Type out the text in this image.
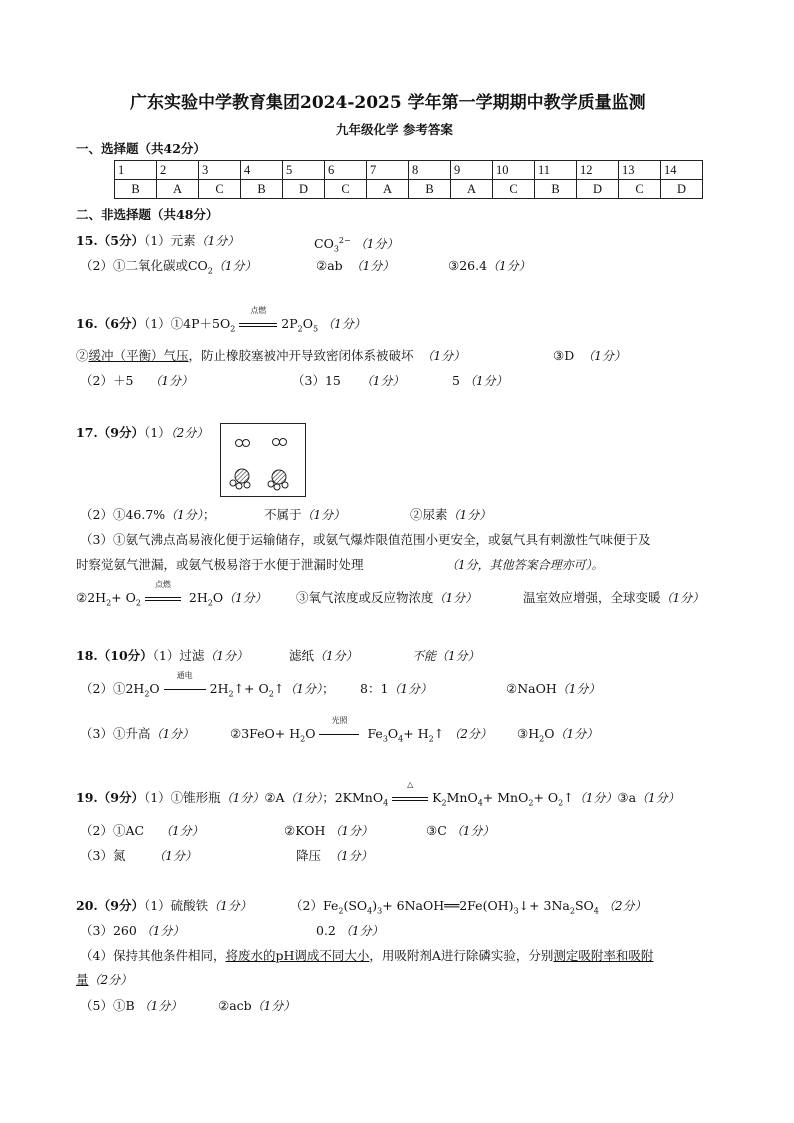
广东实验中学教育集团2024-2025 学年第一学期期中教学质量监测
九年级化学 参考答案
一、选择题（共42分）
1	2	3	4	5	6	7	8	9	10	11	12	13	14
B	A	C	B	D	C	A	B	A	C	B	D	C	D
二、非选择题（共48分）
15.（5分）（1）元素（1分）	$CO_3^{2-}$ （1分）
（2）①二氧化碳或$CO_2(1$分）	②ab （1分）	③26.4（1分）
16.（6分）$(1)①4P+5O_2$
点燃
$2P_2O_5$ （1分）
②缓冲（平衡）气压，防止橡胶塞被冲开导致密闭体系被破坏 （1分）	③D （1分）
（2）＋5 （1分）	（3）15 （1分）	5 （1分）
17.（9分）（1）（2分）
（2）①46.7%（1分）；	不属于（1分）	②尿素（1分）
（3）①氨气沸点高易液化便于运输储存，或氨气爆炸限值范围小更安全，或氨气具有刺激性气味便于及
时察觉氨气泄漏，或氨气极易溶于水便于泄漏时处理	（1分，其他答案合理亦可）。
$②2H_2+ O_2$
点燃
$2H_2O(1$分） ③氧气浓度或反应物浓度（1分）	温室效应增强，全球变暖（1分）
18.（10分）（1）过滤（1分）	滤纸（1分）	不能（1分）
$(2)①2H_2O$
通电
$2H_2↑+$ $O_2↑(1$分）； 8：1（1分）	②NaOH（1分）
（3）①升高（1分）	②3FeO+ $H_2O$
光照
$Fe_3O_4+$ $H_2↑$ （2分） $③H_2O(1$分）
19.（9分）（1）①锥形瓶（1分）②A（1分）；2KMnO$_4$
△
$K_2MnO_4+ MnO_2+$ $O_2↑(1$分）③a（1分）
（2）①AC （1分）	②KOH （1分）	③C （1分）
（3）氮 （1分）	降压 （1分）
20.（9分）（1）硫酸铁（1分）	$(2)Fe_2(SO_4)_3+$ $6NaOH══2Fe(OH)_3↓+ 3Na_2SO_4$ （2分）
（3）260 （1分）	0.2 （1分）
（4）保持其他条件相同，将废水的pH调成不同大小，用吸附剂A进行除磷实验，分别测定吸附率和吸附
量（2分）
（5）①B （1分）	②acb（1分）
